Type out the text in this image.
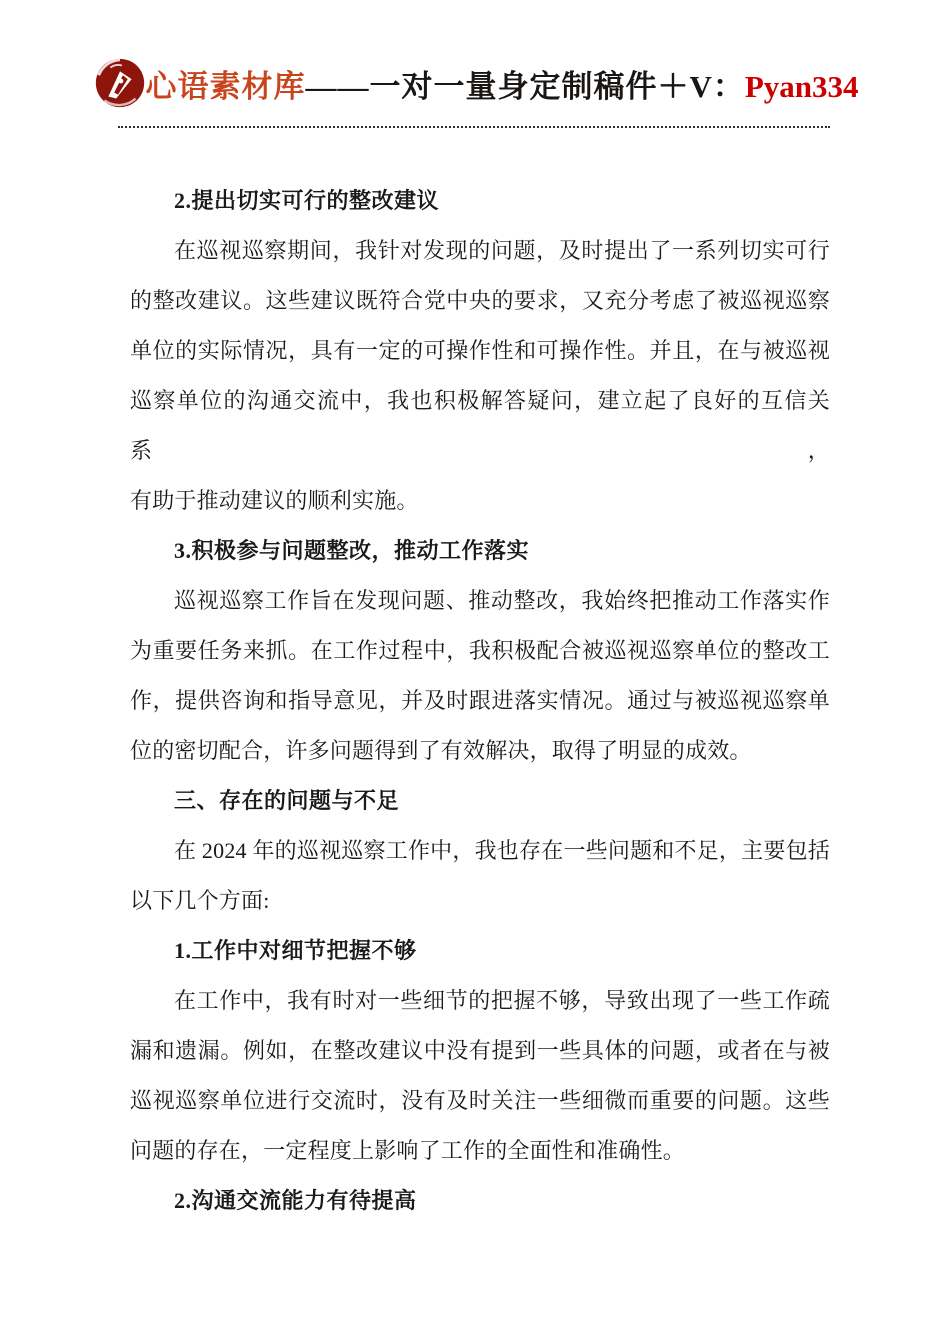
心语素材库——一对一量身定制稿件＋V：Pyan334
2.提出切实可行的整改建议
在巡视巡察期间，我针对发现的问题，及时提出了一系列切实可行
的整改建议。这些建议既符合党中央的要求，又充分考虑了被巡视巡察
单位的实际情况，具有一定的可操作性和可操作性。并且，在与被巡视
巡察单位的沟通交流中，我也积极解答疑问，建立起了良好的互信关系，
有助于推动建议的顺利实施。
3.积极参与问题整改，推动工作落实
巡视巡察工作旨在发现问题、推动整改，我始终把推动工作落实作
为重要任务来抓。在工作过程中，我积极配合被巡视巡察单位的整改工
作，提供咨询和指导意见，并及时跟进落实情况。通过与被巡视巡察单
位的密切配合，许多问题得到了有效解决，取得了明显的成效。
三、存在的问题与不足
在 2024 年的巡视巡察工作中，我也存在一些问题和不足，主要包括
以下几个方面:
1.工作中对细节把握不够
在工作中，我有时对一些细节的把握不够，导致出现了一些工作疏
漏和遗漏。例如，在整改建议中没有提到一些具体的问题，或者在与被
巡视巡察单位进行交流时，没有及时关注一些细微而重要的问题。这些
问题的存在，一定程度上影响了工作的全面性和准确性。
2.沟通交流能力有待提高
